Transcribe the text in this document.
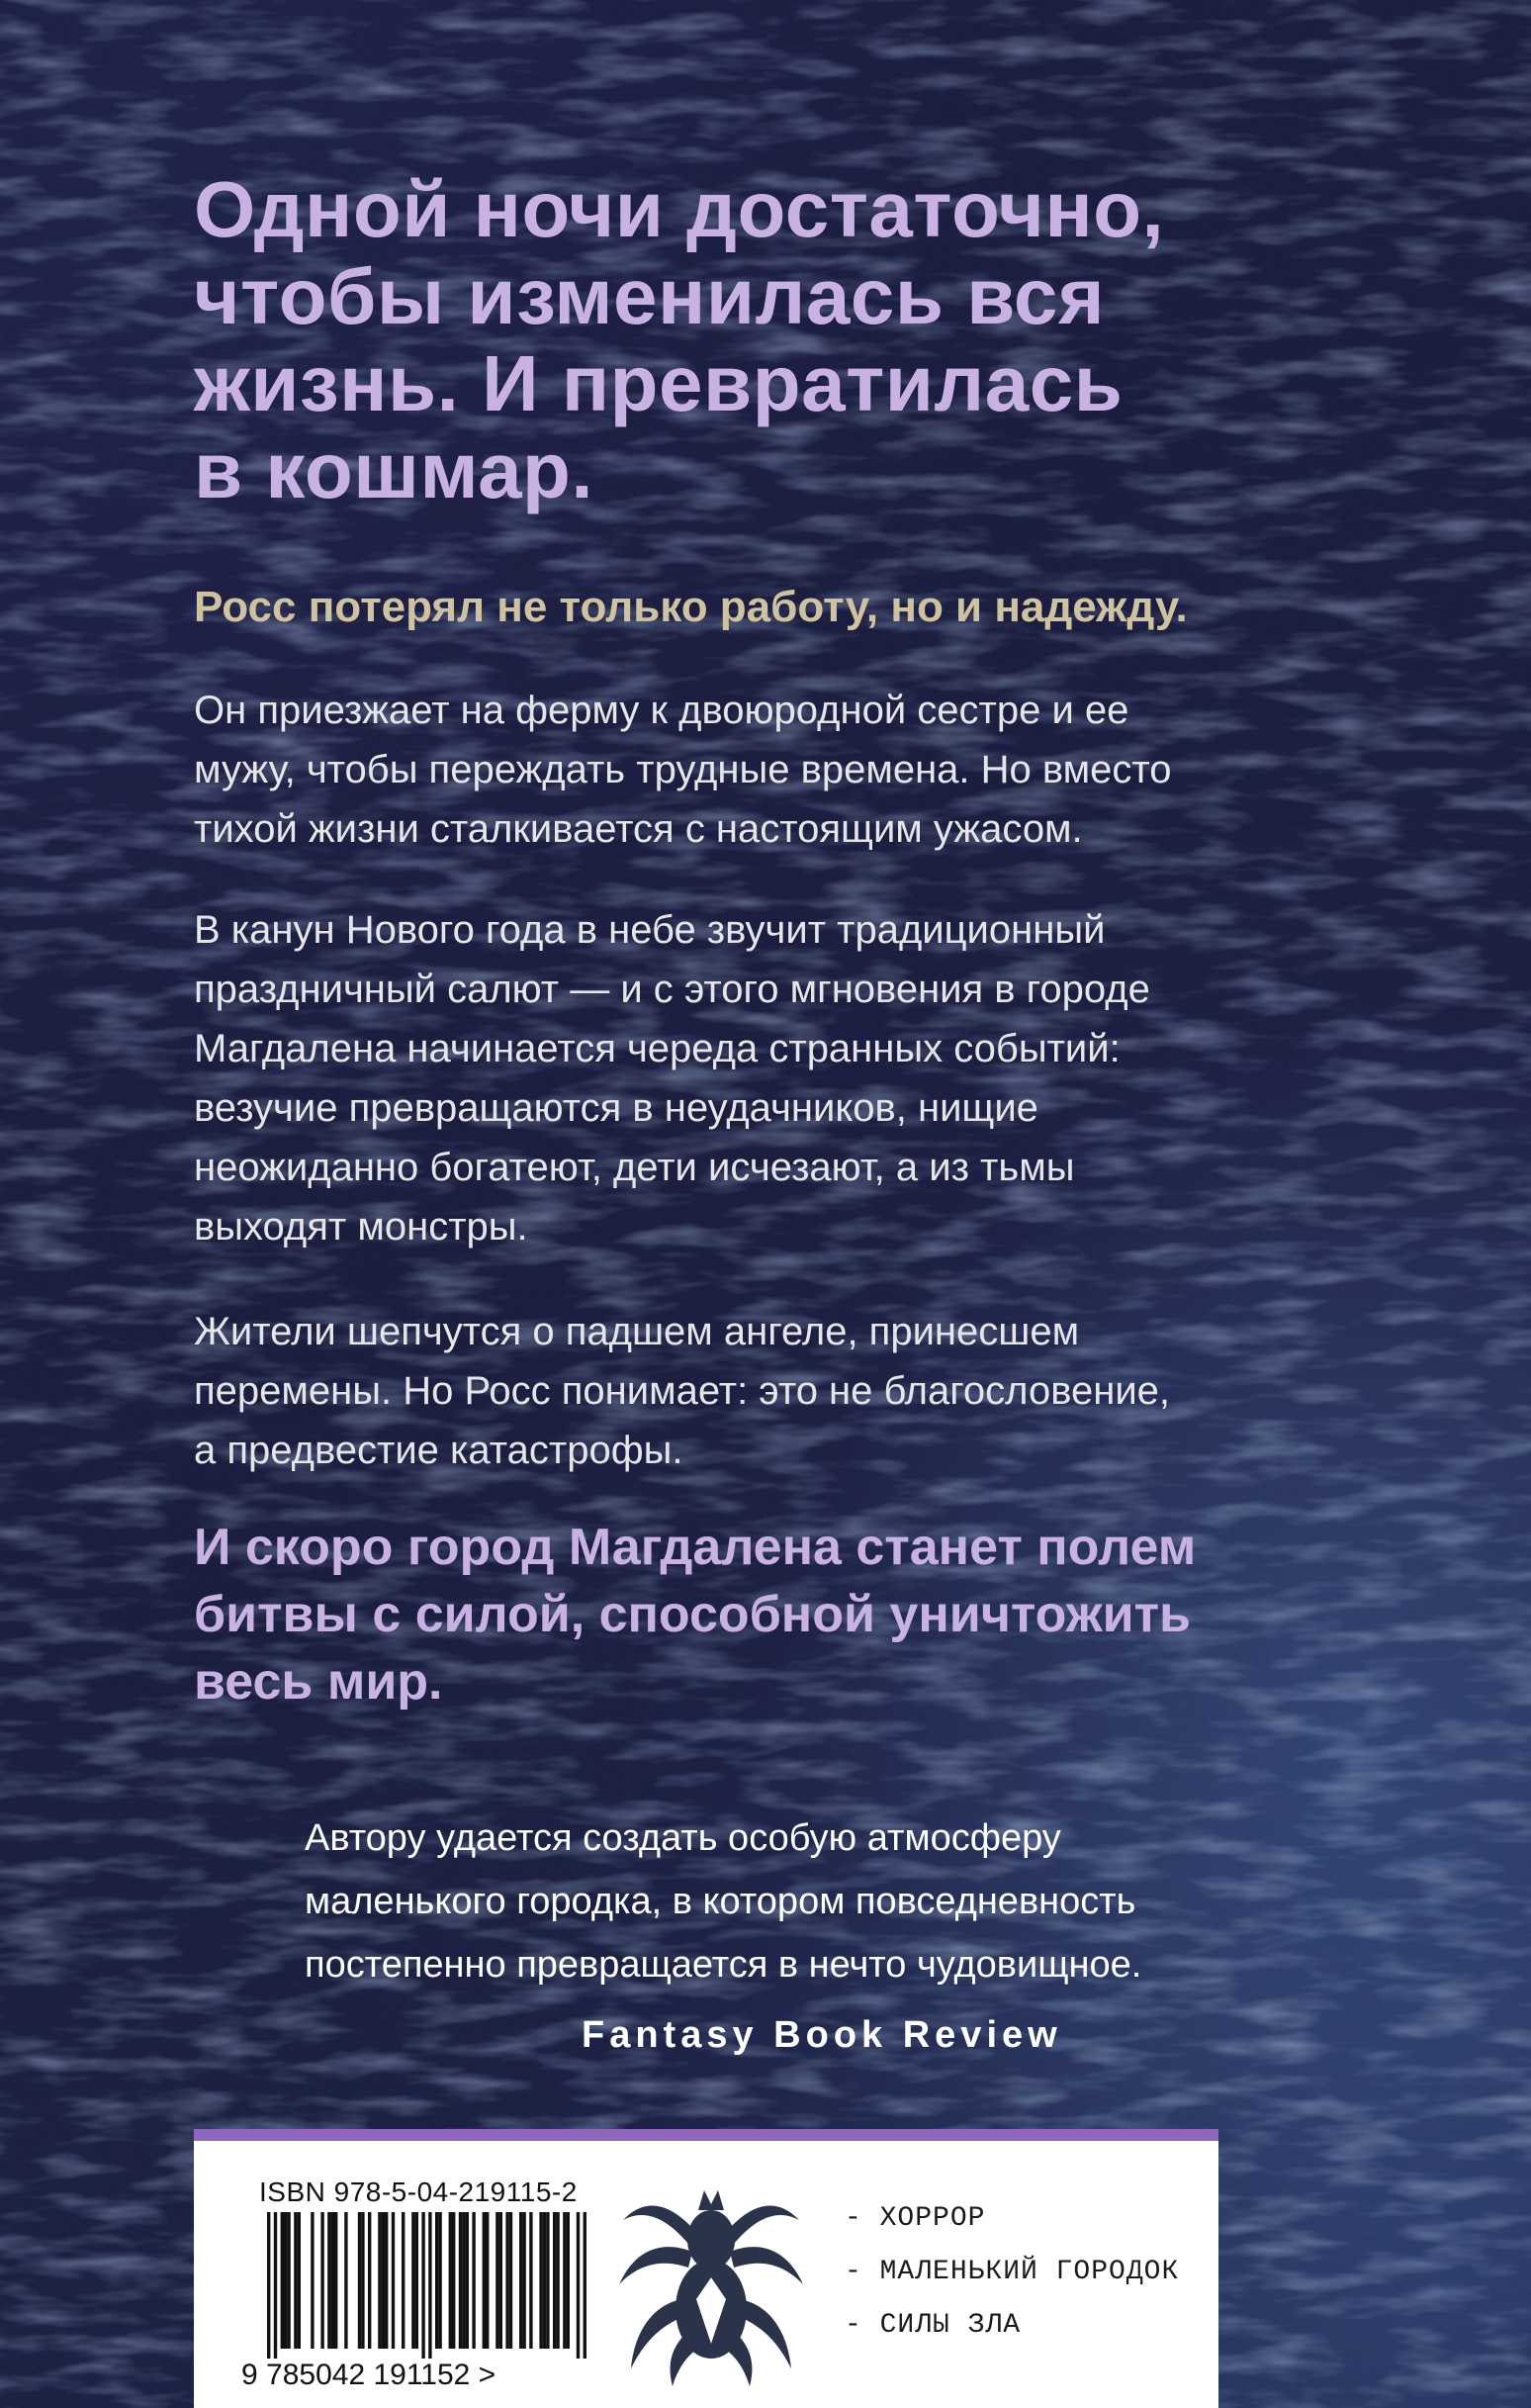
Одной ночи достаточно,
чтобы изменилась вся
жизнь. И превратилась
в кошмар.
Росс потерял не только работу, но и надежду.
Он приезжает на ферму к двоюродной сестре и ее
мужу, чтобы переждать трудные времена. Но вместо
тихой жизни сталкивается с настоящим ужасом.
В канун Нового года в небе звучит традиционный
праздничный салют — и с этого мгновения в городе
Магдалена начинается череда странных событий:
везучие превращаются в неудачников, нищие
неожиданно богатеют, дети исчезают, а из тьмы
выходят монстры.
Жители шепчутся о падшем ангеле, принесшем
перемены. Но Росс понимает: это не благословение,
а предвестие катастрофы.
И скоро город Магдалена станет полем
битвы с силой, способной уничтожить
весь мир.
Автору удается создать особую атмосферу
маленького городка, в котором повседневность
постепенно превращается в нечто чудовищное.
Fantasy Book Review
ISBN 978-5-04-219115-2
9 785042 191152 >
- ХОРРОР
- МАЛЕНЬКИЙ ГОРОДОК
- СИЛЫ ЗЛА
